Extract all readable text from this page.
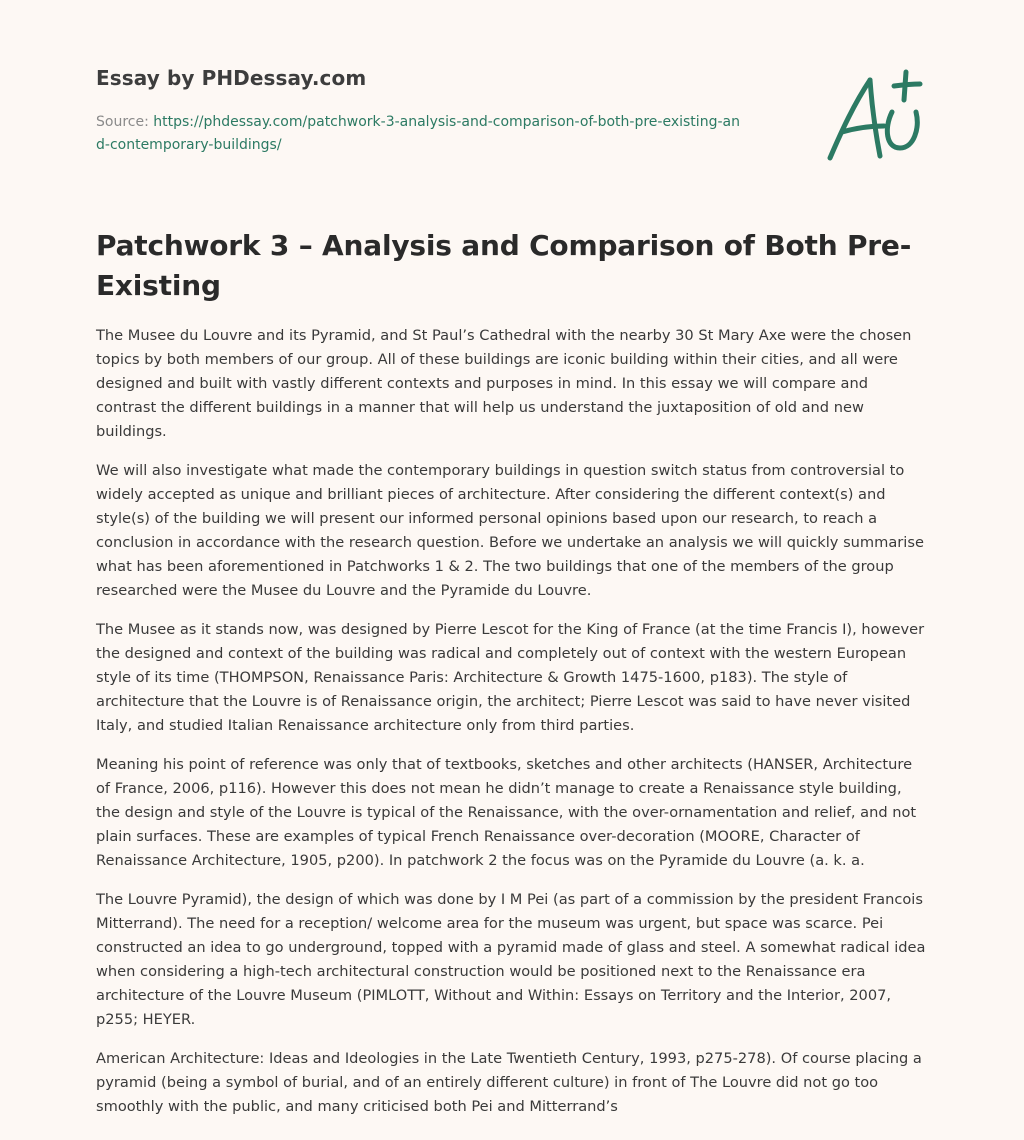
Essay by PHDessay.com
Source: https://phdessay.com/patchwork-3-analysis-and-comparison-of-both-pre-existing-and-contemporary-buildings/
Patchwork 3 – Analysis and Comparison of Both Pre-Existing

The Musee du Louvre and its Pyramid, and St Paul’s Cathedral with the nearby 30 St Mary Axe were the chosen topics by both members of our group. All of these buildings are iconic building within their cities, and all were designed and built with vastly different contexts and purposes in mind. In this essay we will compare and contrast the different buildings in a manner that will help us understand the juxtaposition of old and new buildings.

We will also investigate what made the contemporary buildings in question switch status from controversial to widely accepted as unique and brilliant pieces of architecture. After considering the different context(s) and style(s) of the building we will present our informed personal opinions based upon our research, to reach a conclusion in accordance with the research question. Before we undertake an analysis we will quickly summarise what has been aforementioned in Patchworks 1 & 2. The two buildings that one of the members of the group researched were the Musee du Louvre and the Pyramide du Louvre.

The Musee as it stands now, was designed by Pierre Lescot for the King of France (at the time Francis I), however the designed and context of the building was radical and completely out of context with the western European style of its time (THOMPSON, Renaissance Paris: Architecture & Growth 1475-1600, p183). The style of architecture that the Louvre is of Renaissance origin, the architect; Pierre Lescot was said to have never visited Italy, and studied Italian Renaissance architecture only from third parties.

Meaning his point of reference was only that of textbooks, sketches and other architects (HANSER, Architecture of France, 2006, p116). However this does not mean he didn’t manage to create a Renaissance style building, the design and style of the Louvre is typical of the Renaissance, with the over-ornamentation and relief, and not plain surfaces. These are examples of typical French Renaissance over-decoration (MOORE, Character of Renaissance Architecture, 1905, p200). In patchwork 2 the focus was on the Pyramide du Louvre (a. k. a.

The Louvre Pyramid), the design of which was done by I M Pei (as part of a commission by the president Francois Mitterrand). The need for a reception/ welcome area for the museum was urgent, but space was scarce. Pei constructed an idea to go underground, topped with a pyramid made of glass and steel. A somewhat radical idea when considering a high-tech architectural construction would be positioned next to the Renaissance era architecture of the Louvre Museum (PIMLOTT, Without and Within: Essays on Territory and the Interior, 2007, p255; HEYER.

American Architecture: Ideas and Ideologies in the Late Twentieth Century, 1993, p275-278). Of course placing a pyramid (being a symbol of burial, and of an entirely different culture) in front of The Louvre did not go too smoothly with the public, and many criticised both Pei and Mitterrand’s
